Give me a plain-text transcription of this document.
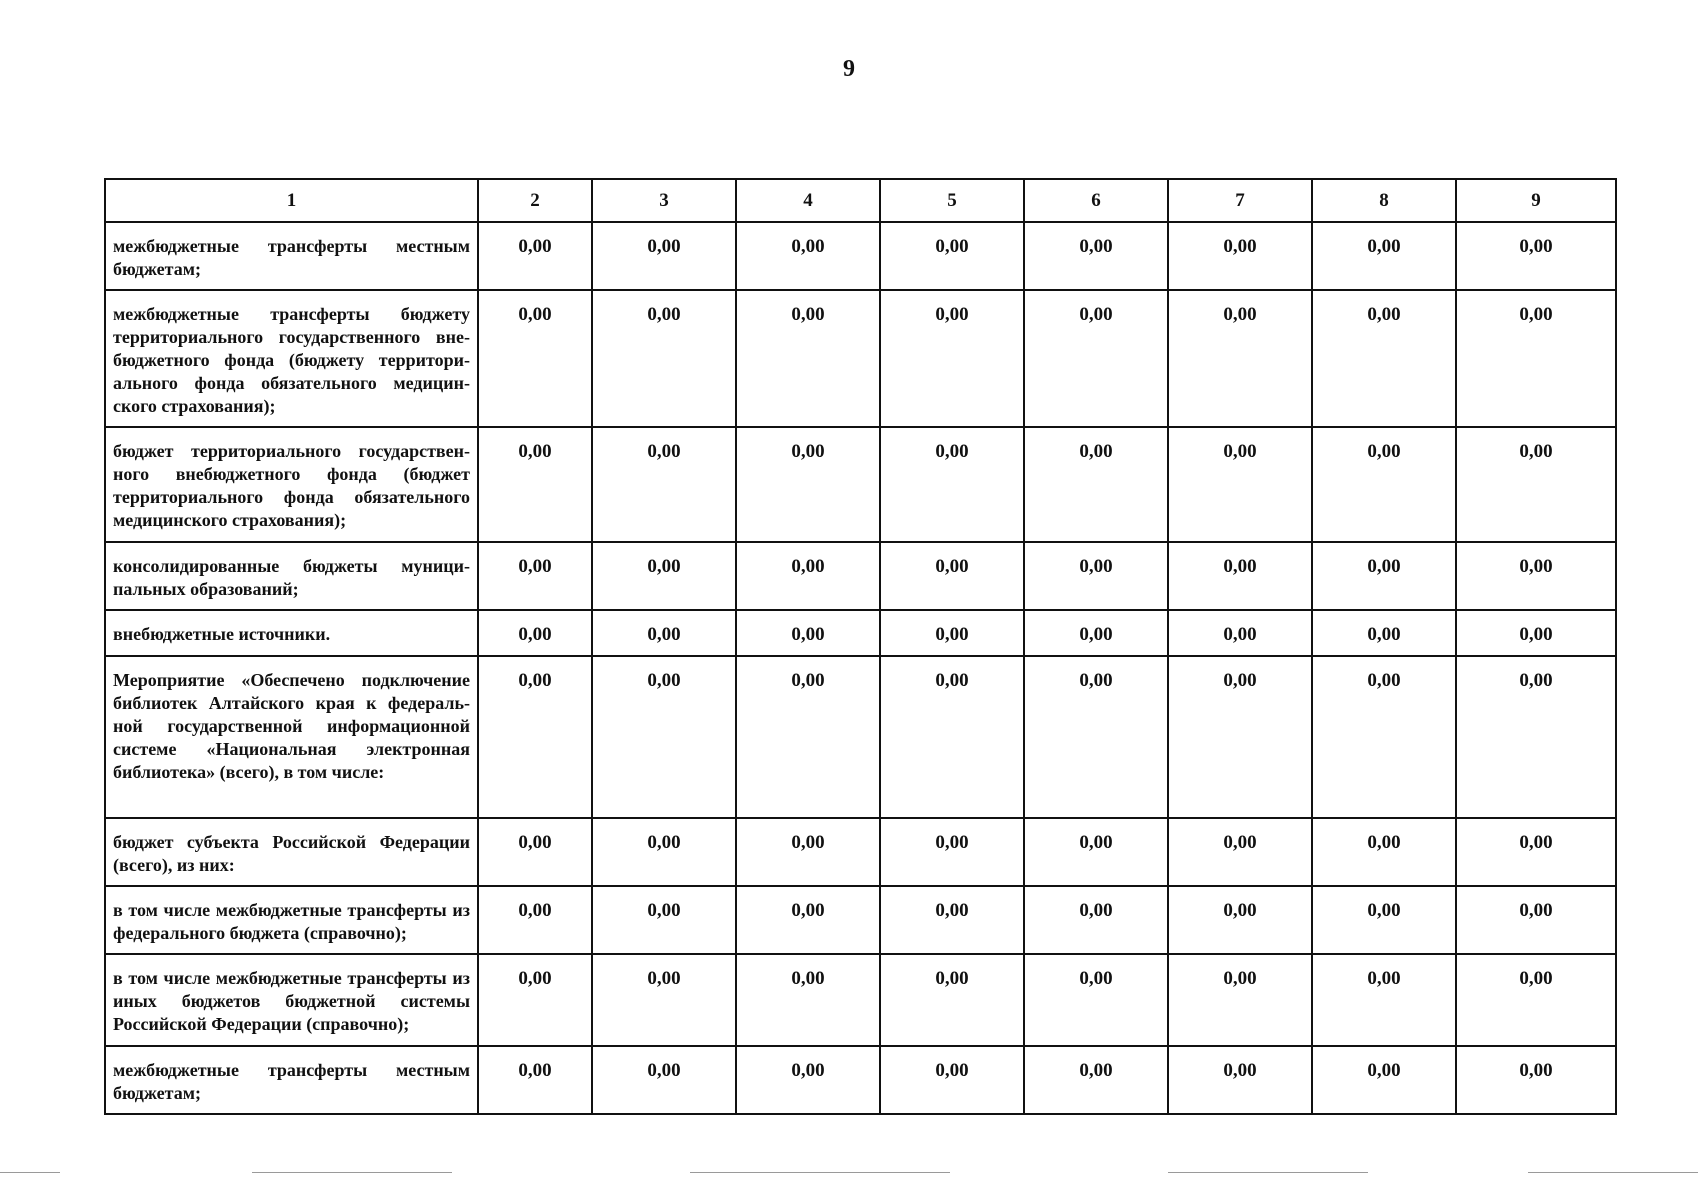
9
1	2	3	4	5	6	7	8	9
межбюджетные трансферты местным бюджетам;	0,00	0,00	0,00	0,00	0,00	0,00	0,00	0,00
межбюджетные трансферты бюджету территориального государственного вне-бюджетного фонда (бюджету территори-ального фонда обязательного медицин-ского страхования);	0,00	0,00	0,00	0,00	0,00	0,00	0,00	0,00
бюджет территориального государствен-ного внебюджетного фонда (бюджет территориального фонда обязательного медицинского страхования);	0,00	0,00	0,00	0,00	0,00	0,00	0,00	0,00
консолидированные бюджеты муници-пальных образований;	0,00	0,00	0,00	0,00	0,00	0,00	0,00	0,00
внебюджетные источники.	0,00	0,00	0,00	0,00	0,00	0,00	0,00	0,00
Мероприятие «Обеспечено подключение библиотек Алтайского края к федераль-ной государственной информационной системе «Национальная электронная библиотека» (всего), в том числе:	0,00	0,00	0,00	0,00	0,00	0,00	0,00	0,00
бюджет субъекта Российской Федерации (всего), из них:	0,00	0,00	0,00	0,00	0,00	0,00	0,00	0,00
в том числе межбюджетные трансферты из федерального бюджета (справочно);	0,00	0,00	0,00	0,00	0,00	0,00	0,00	0,00
в том числе межбюджетные трансферты из иных бюджетов бюджетной системы Российской Федерации (справочно);	0,00	0,00	0,00	0,00	0,00	0,00	0,00	0,00
межбюджетные трансферты местным бюджетам;	0,00	0,00	0,00	0,00	0,00	0,00	0,00	0,00
